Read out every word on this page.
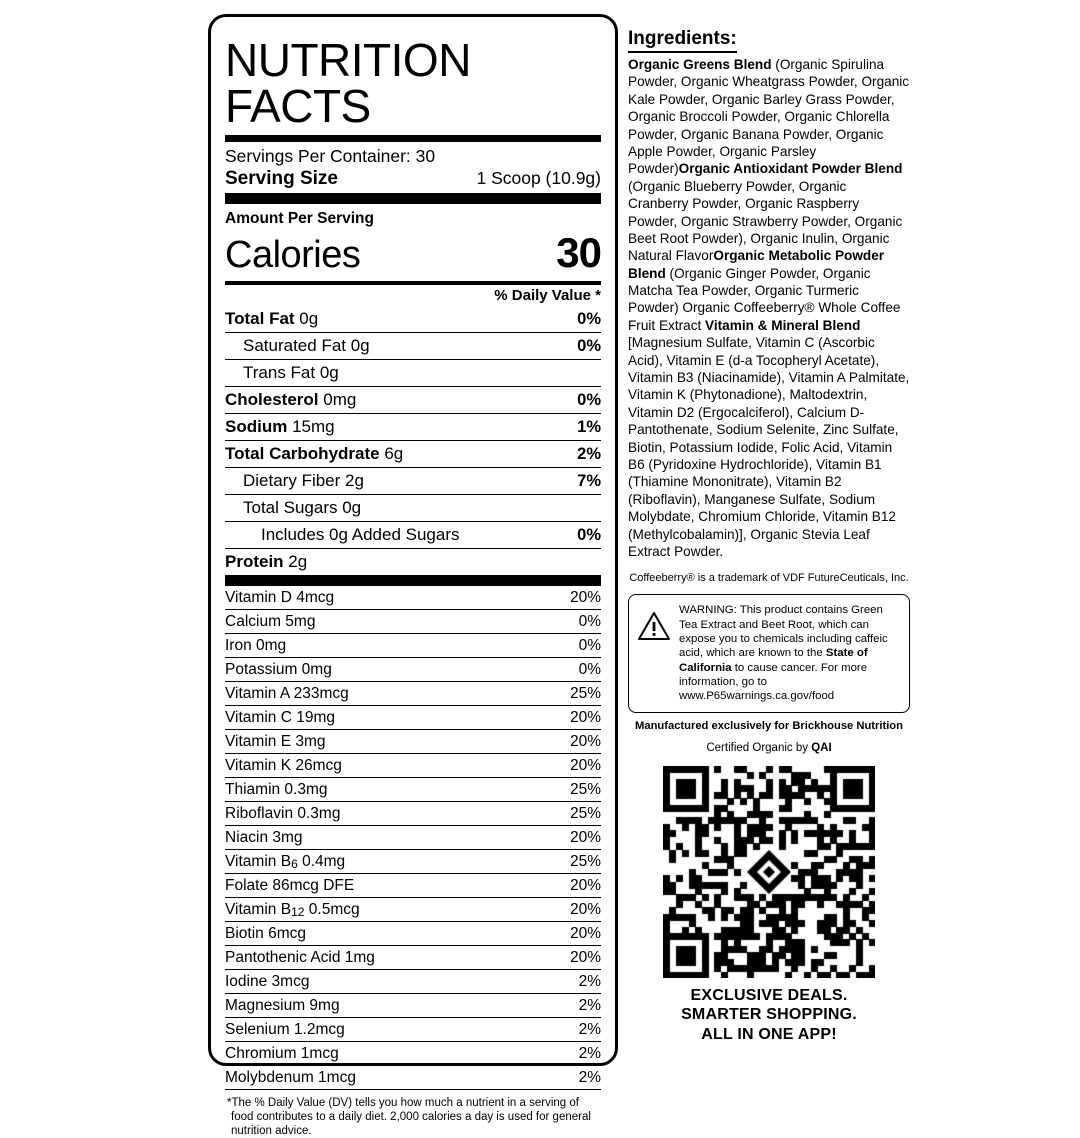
NUTRITION FACTS
Servings Per Container: 30
Serving Size	1 Scoop (10.9g)
Amount Per Serving
Calories	30
% Daily Value *
Total Fat 0g	0%
Saturated Fat 0g	0%
Trans Fat 0g
Cholesterol 0mg	0%
Sodium 15mg	1%
Total Carbohydrate 6g	2%
Dietary Fiber 2g	7%
Total Sugars 0g
Includes 0g Added Sugars	0%
Protein 2g
Vitamin D 4mcg	20%
Calcium 5mg	0%
Iron 0mg	0%
Potassium 0mg	0%
Vitamin A 233mcg	25%
Vitamin C 19mg	20%
Vitamin E 3mg	20%
Vitamin K 26mcg	20%
Thiamin 0.3mg	25%
Riboflavin 0.3mg	25%
Niacin 3mg	20%
Vitamin B6 0.4mg	25%
Folate 86mcg DFE	20%
Vitamin B12 0.5mcg	20%
Biotin 6mcg	20%
Pantothenic Acid 1mg	20%
Iodine 3mcg	2%
Magnesium 9mg	2%
Selenium 1.2mcg	2%
Chromium 1mcg	2%
Molybdenum 1mcg	2%
*The % Daily Value (DV) tells you how much a nutrient in a serving of food contributes to a daily diet. 2,000 calories a day is used for general nutrition advice.
Ingredients:
Organic Greens Blend (Organic Spirulina Powder, Organic Wheatgrass Powder, Organic Kale Powder, Organic Barley Grass Powder, Organic Broccoli Powder, Organic Chlorella Powder, Organic Banana Powder, Organic Apple Powder, Organic Parsley Powder)Organic Antioxidant Powder Blend (Organic Blueberry Powder, Organic Cranberry Powder, Organic Raspberry Powder, Organic Strawberry Powder, Organic Beet Root Powder), Organic Inulin, Organic Natural FlavorOrganic Metabolic Powder Blend (Organic Ginger Powder, Organic Matcha Tea Powder, Organic Turmeric Powder) Organic Coffeeberry® Whole Coffee Fruit Extract Vitamin & Mineral Blend [Magnesium Sulfate, Vitamin C (Ascorbic Acid), Vitamin E (d-a Tocopheryl Acetate), Vitamin B3 (Niacinamide), Vitamin A Palmitate, Vitamin K (Phytonadione), Maltodextrin, Vitamin D2 (Ergocalciferol), Calcium D-Pantothenate, Sodium Selenite, Zinc Sulfate, Biotin, Potassium Iodide, Folic Acid, Vitamin B6 (Pyridoxine Hydrochloride), Vitamin B1 (Thiamine Mononitrate), Vitamin B2 (Riboflavin), Manganese Sulfate, Sodium Molybdate, Chromium Chloride, Vitamin B12 (Methylcobalamin)], Organic Stevia Leaf Extract Powder.
Coffeeberry® is a trademark of VDF FutureCeuticals, Inc.
WARNING: This product contains Green Tea Extract and Beet Root, which can expose you to chemicals including caffeic acid, which are known to the State of California to cause cancer. For more information, go to www.P65warnings.ca.gov/food
Manufactured exclusively for Brickhouse Nutrition
Certified Organic by QAI
EXCLUSIVE DEALS.
SMARTER SHOPPING.
ALL IN ONE APP!
